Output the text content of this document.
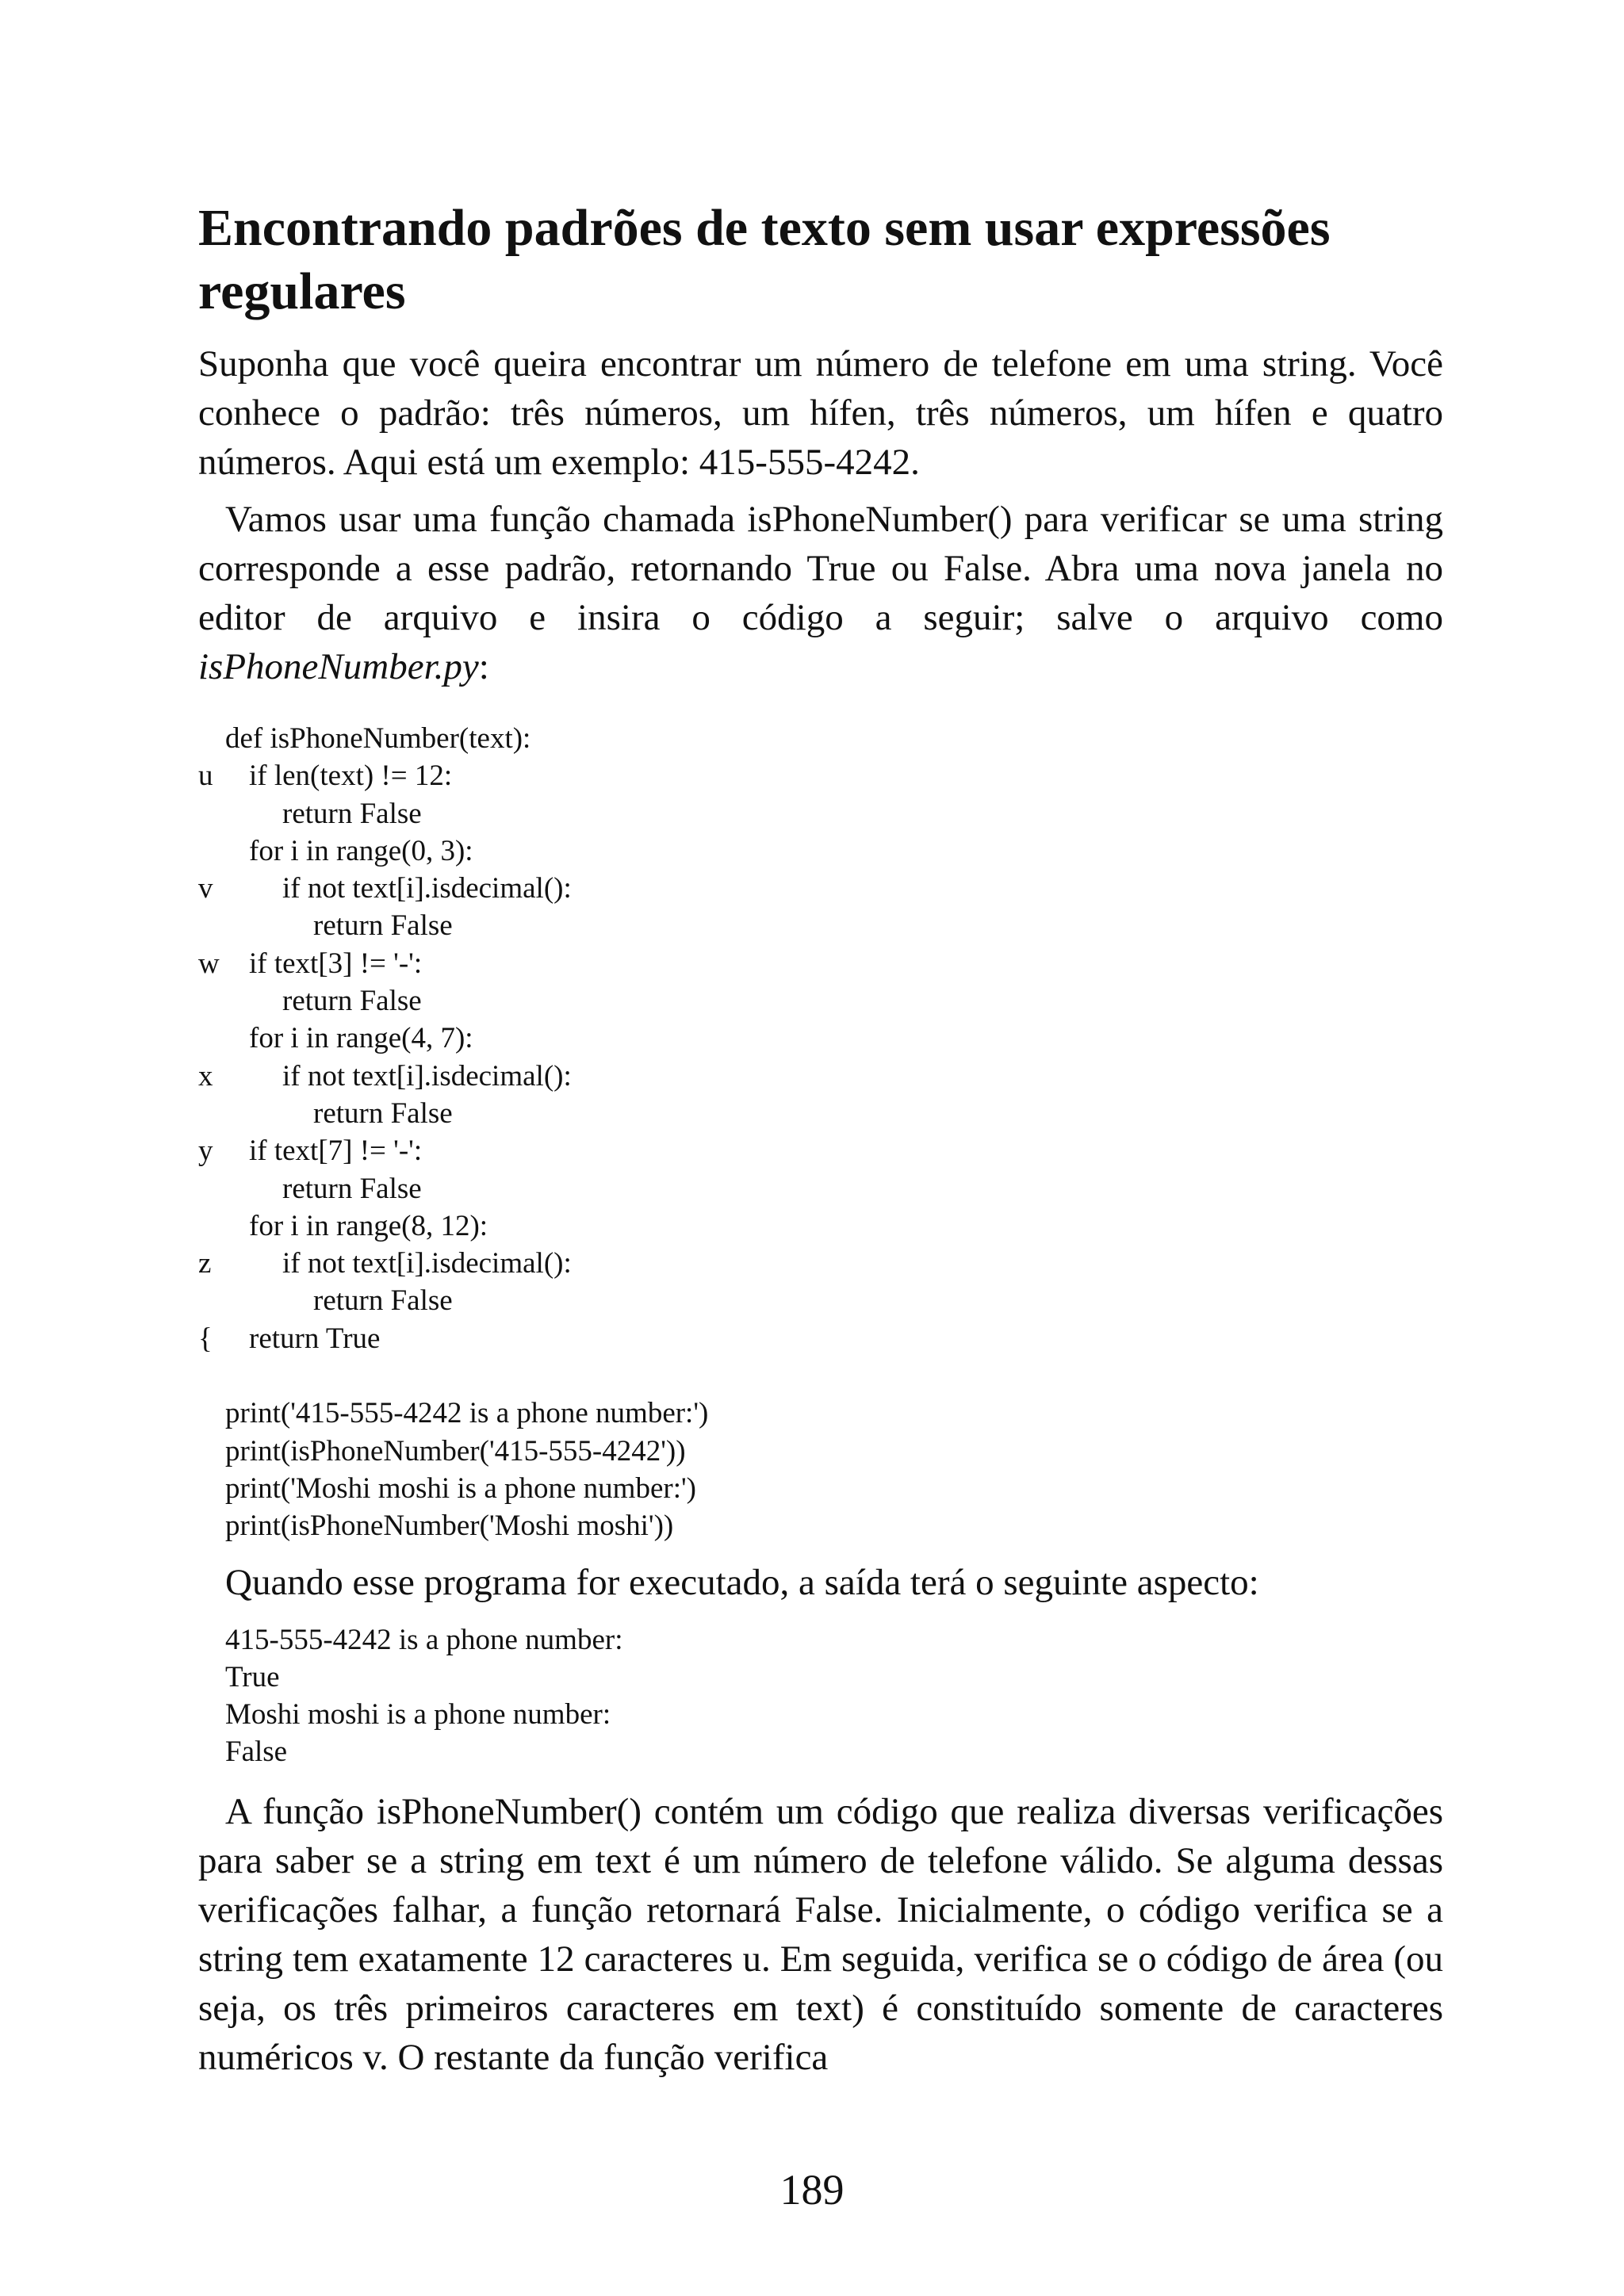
Encontrando padrões de texto sem usar expressões regulares

Suponha que você queira encontrar um número de telefone em uma string. Você conhece o padrão: três números, um hífen, três números, um hífen e quatro números. Aqui está um exemplo: 415-555-4242.

Vamos usar uma função chamada isPhoneNumber() para verificar se uma string corresponde a esse padrão, retornando True ou False. Abra uma nova janela no editor de arquivo e insira o código a seguir; salve o arquivo como isPhoneNumber.py:

def isPhoneNumber(text):
u if len(text) != 12:
return False
for i in range(0, 3):
v if not text[i].isdecimal():
return False
w if text[3] != '-':
return False
for i in range(4, 7):
x if not text[i].isdecimal():
return False
y if text[7] != '-':
return False
for i in range(8, 12):
z if not text[i].isdecimal():
return False
{ return True
print('415-555-4242 is a phone number:')
print(isPhoneNumber('415-555-4242'))
print('Moshi moshi is a phone number:')
print(isPhoneNumber('Moshi moshi'))

Quando esse programa for executado, a saída terá o seguinte aspecto:

415-555-4242 is a phone number:
True
Moshi moshi is a phone number:
False

A função isPhoneNumber() contém um código que realiza diversas verificações para saber se a string em text é um número de telefone válido. Se alguma dessas verificações falhar, a função retornará False. Inicialmente, o código verifica se a string tem exatamente 12 caracteres u. Em seguida, verifica se o código de área (ou seja, os três primeiros caracteres em text) é constituído somente de caracteres numéricos v. O restante da função verifica

189
